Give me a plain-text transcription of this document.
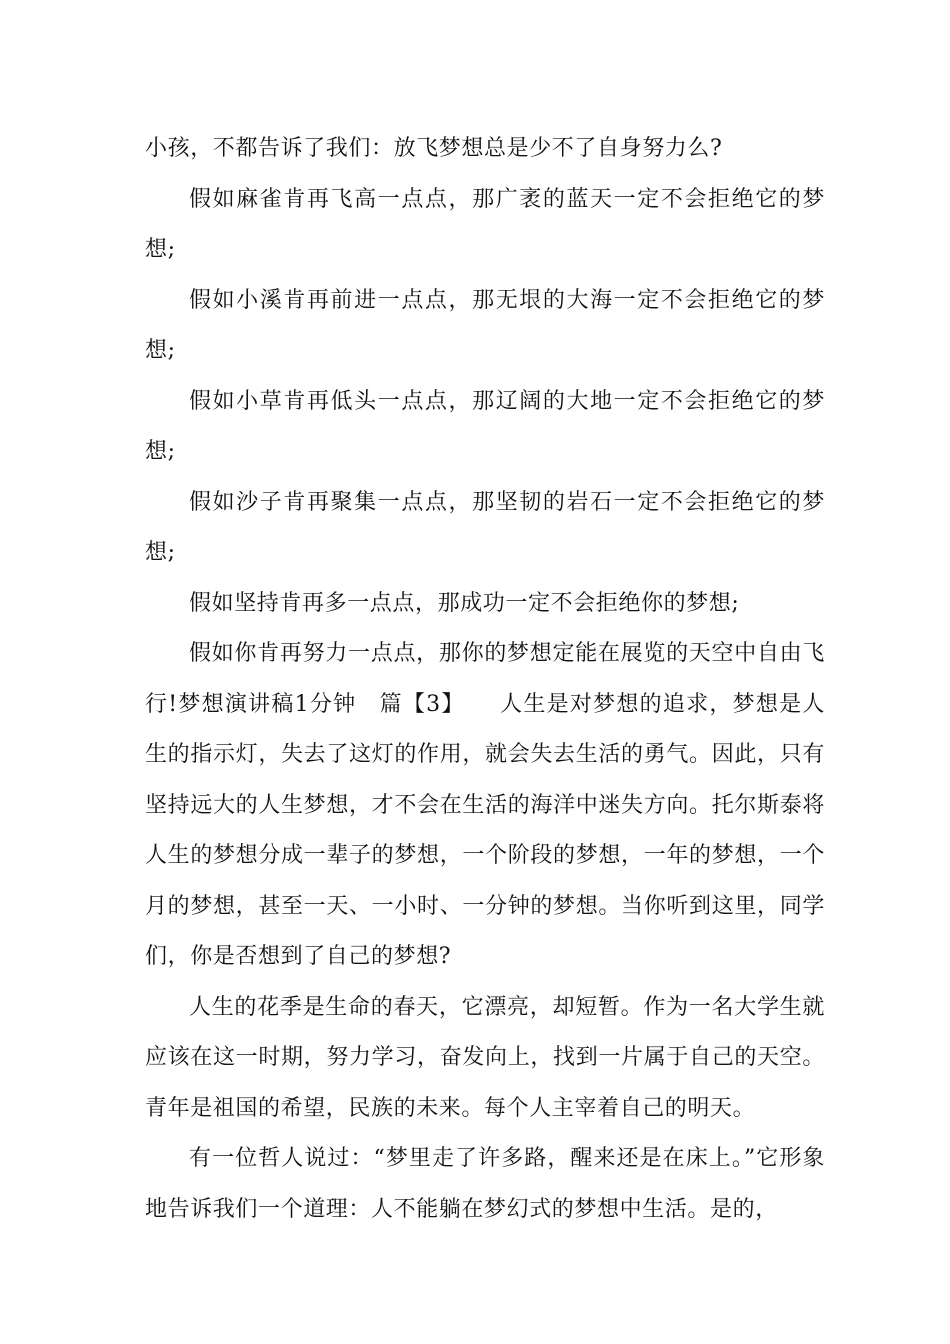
小孩，不都告诉了我们：放飞梦想总是少不了自身努力么?

假如麻雀肯再飞高一点点，那广袤的蓝天一定不会拒绝它的梦想;

假如小溪肯再前进一点点，那无垠的大海一定不会拒绝它的梦想;

假如小草肯再低头一点点，那辽阔的大地一定不会拒绝它的梦想;

假如沙子肯再聚集一点点，那坚韧的岩石一定不会拒绝它的梦想;

假如坚持肯再多一点点，那成功一定不会拒绝你的梦想;

假如你肯再努力一点点，那你的梦想定能在展览的天空中自由飞行!梦想演讲稿1分钟　篇【3】　　人生是对梦想的追求，梦想是人生的指示灯，失去了这灯的作用，就会失去生活的勇气。因此，只有坚持远大的人生梦想，才不会在生活的海洋中迷失方向。托尔斯泰将人生的梦想分成一辈子的梦想，一个阶段的梦想，一年的梦想，一个月的梦想，甚至一天、一小时、一分钟的梦想。当你听到这里，同学们，你是否想到了自己的梦想?

人生的花季是生命的春天，它漂亮，却短暂。作为一名大学生就应该在这一时期，努力学习，奋发向上，找到一片属于自己的天空。青年是祖国的希望，民族的未来。每个人主宰着自己的明天。

有一位哲人说过：“梦里走了许多路，醒来还是在床上。”它形象地告诉我们一个道理：人不能躺在梦幻式的梦想中生活。是的，
